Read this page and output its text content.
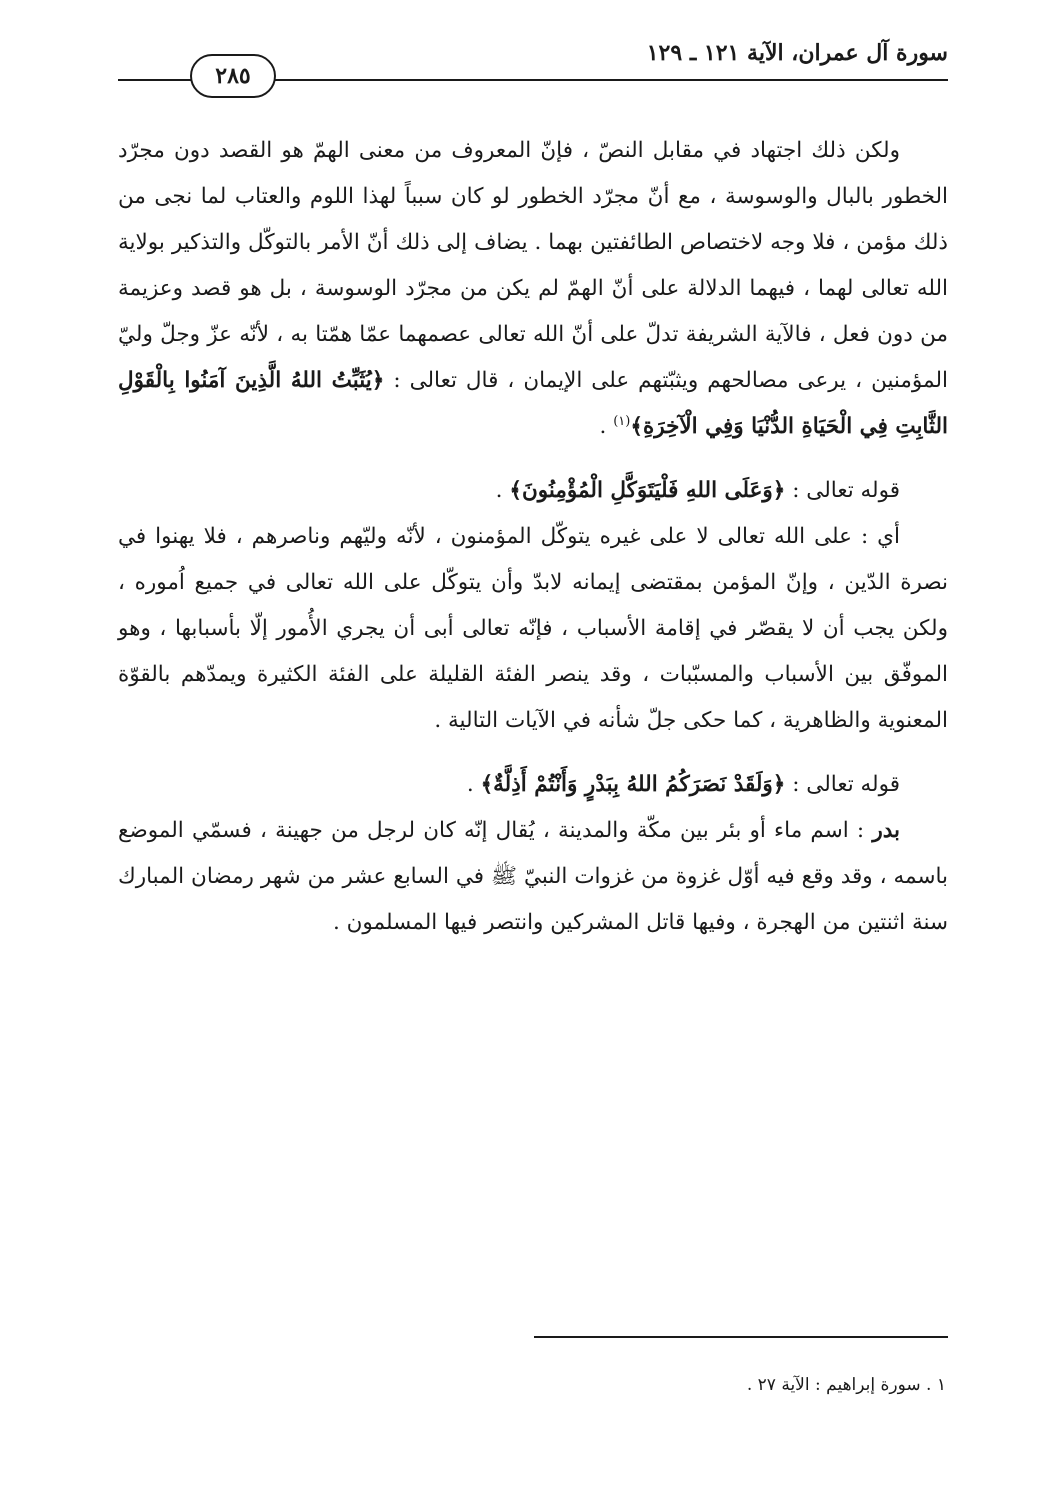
سورة آل عمران، الآية ١٢١ ـ ١٢٩
٢٨٥

ولكن ذلك اجتهاد في مقابل النصّ ، فإنّ المعروف من معنى الهمّ هو القصد دون مجرّد الخطور بالبال والوسوسة ، مع أنّ مجرّد الخطور لو كان سبباً لهذا اللوم والعتاب لما نجى من ذلك مؤمن ، فلا وجه لاختصاص الطائفتين بهما . يضاف إلى ذلك أنّ الأمر بالتوكّل والتذكير بولاية الله تعالى لهما ، فيهما الدلالة على أنّ الهمّ لم يكن من مجرّد الوسوسة ، بل هو قصد وعزيمة من دون فعل ، فالآية الشريفة تدلّ على أنّ الله تعالى عصمهما عمّا همّتا به ، لأنّه عزّ وجلّ وليّ المؤمنين ، يرعى مصالحهم ويثبّتهم على الإيمان ، قال تعالى : ﴿يُثَبِّتُ اللهُ الَّذِينَ آمَنُوا بِالْقَوْلِ الثَّابِتِ فِي الْحَيَاةِ الدُّنْيَا وَفِي الْآخِرَةِ﴾$^{(١)}$ .

قوله تعالى : ﴿وَعَلَى اللهِ فَلْيَتَوَكَّلِ الْمُؤْمِنُونَ﴾ .

أي : على الله تعالى لا على غيره يتوكّل المؤمنون ، لأنّه وليّهم وناصرهم ، فلا يهنوا في نصرة الدّين ، وإنّ المؤمن بمقتضى إيمانه لابدّ وأن يتوكّل على الله تعالى في جميع اُموره ، ولكن يجب أن لا يقصّر في إقامة الأسباب ، فإنّه تعالى أبى أن يجري الأُمور إلّا بأسبابها ، وهو الموفّق بين الأسباب والمسبّبات ، وقد ينصر الفئة القليلة على الفئة الكثيرة ويمدّهم بالقوّة المعنوية والظاهرية ، كما حكى جلّ شأنه في الآيات التالية .

قوله تعالى : ﴿وَلَقَدْ نَصَرَكُمُ اللهُ بِبَدْرٍ وَأَنْتُمْ أَذِلَّةٌ﴾ .

بدر : اسم ماء أو بئر بين مكّة والمدينة ، يُقال إنّه كان لرجل من جهينة ، فسمّي الموضع باسمه ، وقد وقع فيه أوّل غزوة من غزوات النبيّ ﷺ في السابع عشر من شهر رمضان المبارك سنة اثنتين من الهجرة ، وفيها قاتل المشركين وانتصر فيها المسلمون .

١ . سورة إبراهيم : الآية ٢٧ .
